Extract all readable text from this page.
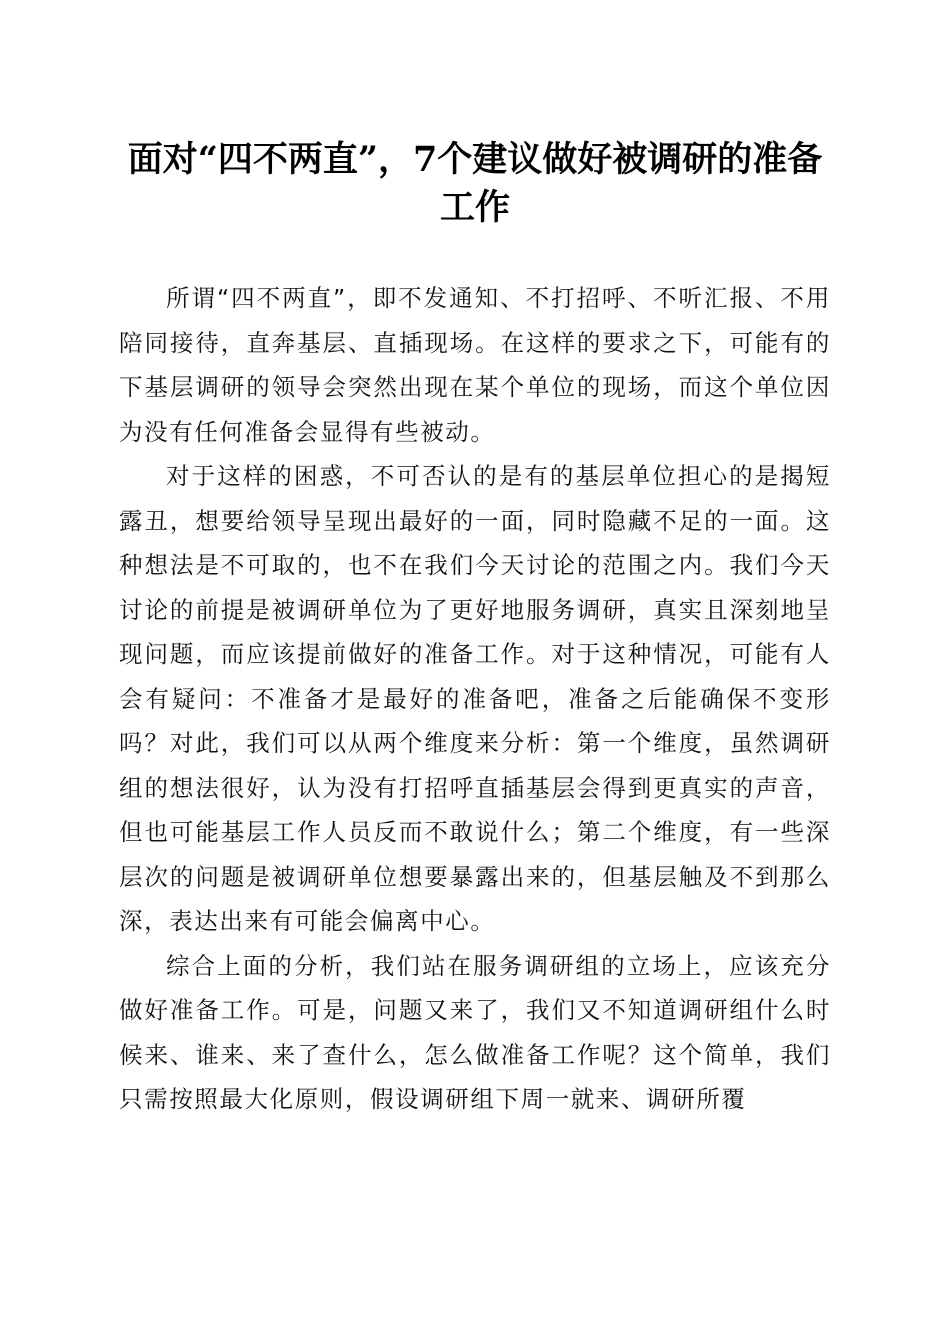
面对“四不两直”，7个建议做好被调研的准备工作

所谓“四不两直”，即不发通知、不打招呼、不听汇报、不用陪同接待，直奔基层、直插现场。在这样的要求之下，可能有的下基层调研的领导会突然出现在某个单位的现场，而这个单位因为没有任何准备会显得有些被动。

对于这样的困惑，不可否认的是有的基层单位担心的是揭短露丑，想要给领导呈现出最好的一面，同时隐藏不足的一面。这种想法是不可取的，也不在我们今天讨论的范围之内。我们今天讨论的前提是被调研单位为了更好地服务调研，真实且深刻地呈现问题，而应该提前做好的准备工作。对于这种情况，可能有人会有疑问：不准备才是最好的准备吧，准备之后能确保不变形吗？对此，我们可以从两个维度来分析：第一个维度，虽然调研组的想法很好，认为没有打招呼直插基层会得到更真实的声音，但也可能基层工作人员反而不敢说什么；第二个维度，有一些深层次的问题是被调研单位想要暴露出来的，但基层触及不到那么深，表达出来有可能会偏离中心。

综合上面的分析，我们站在服务调研组的立场上，应该充分做好准备工作。可是，问题又来了，我们又不知道调研组什么时候来、谁来、来了查什么，怎么做准备工作呢？这个简单，我们只需按照最大化原则，假设调研组下周一就来、调研所覆
